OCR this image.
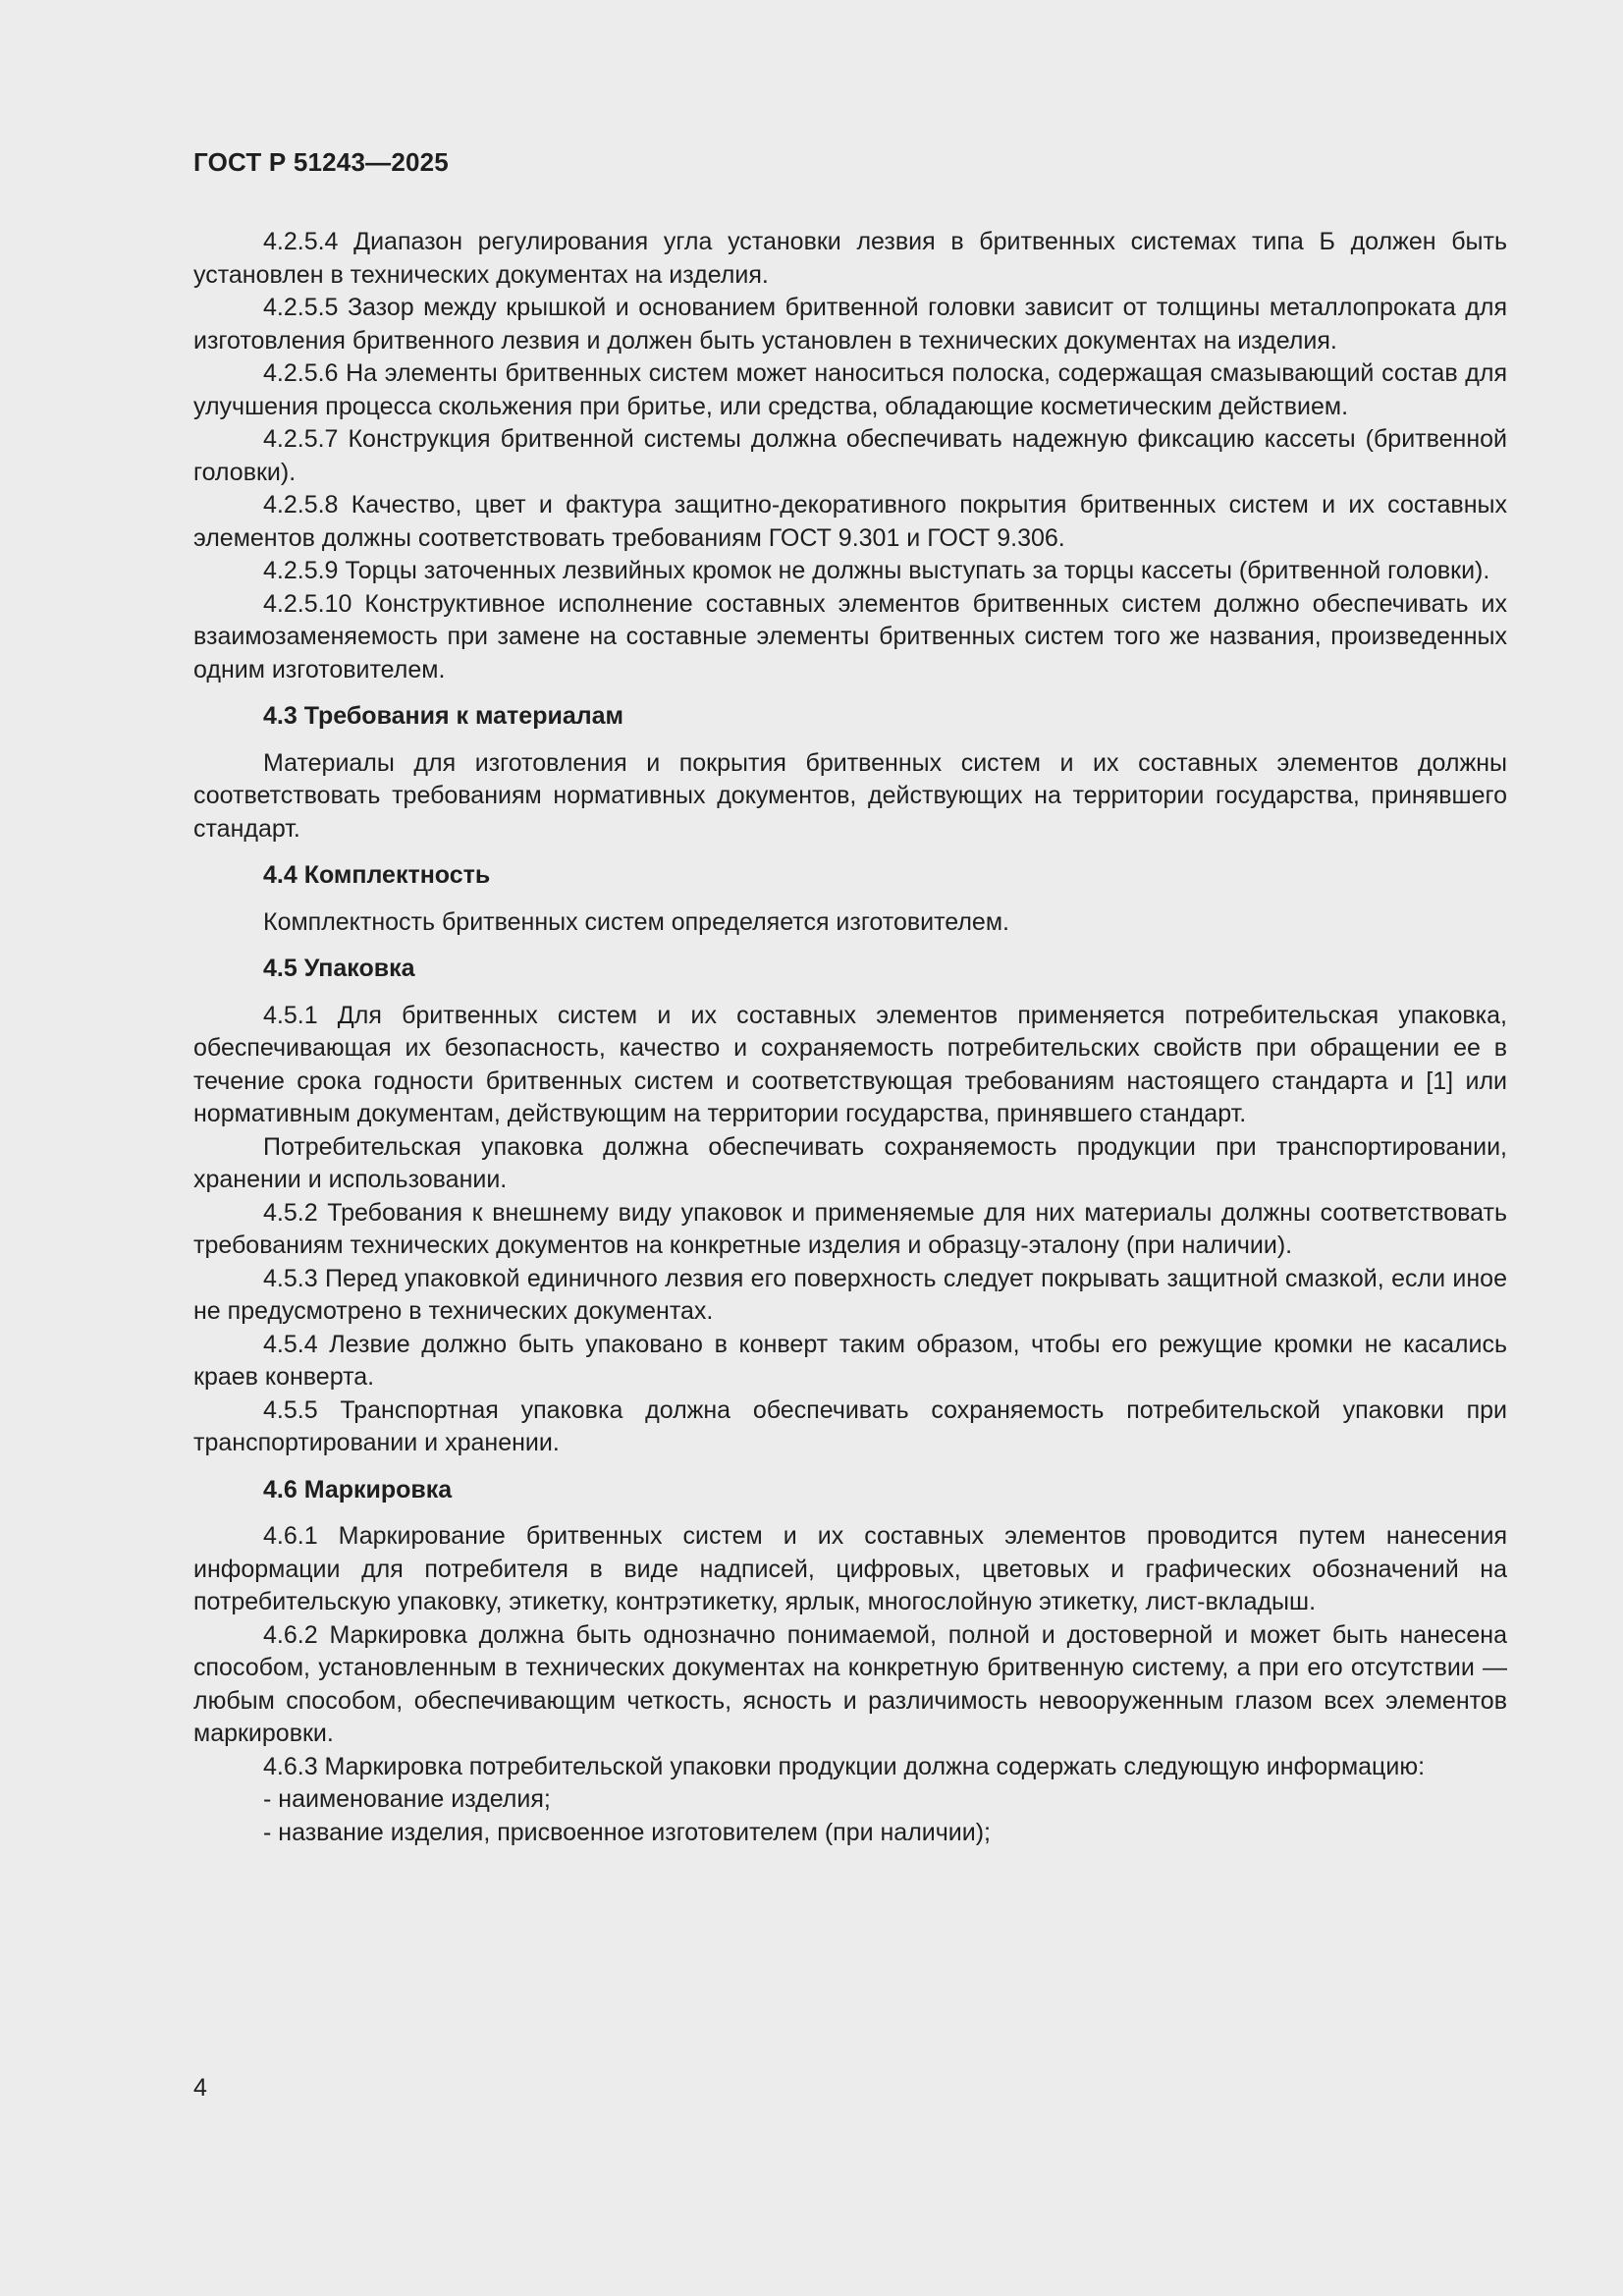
ГОСТ Р 51243—2025

4.2.5.4 Диапазон регулирования угла установки лезвия в бритвенных системах типа Б должен быть установлен в технических документах на изделия.

4.2.5.5 Зазор между крышкой и основанием бритвенной головки зависит от толщины металлопроката для изготовления бритвенного лезвия и должен быть установлен в технических документах на изделия.

4.2.5.6 На элементы бритвенных систем может наноситься полоска, содержащая смазывающий состав для улучшения процесса скольжения при бритье, или средства, обладающие косметическим действием.

4.2.5.7 Конструкция бритвенной системы должна обеспечивать надежную фиксацию кассеты (бритвенной головки).

4.2.5.8 Качество, цвет и фактура защитно-декоративного покрытия бритвенных систем и их составных элементов должны соответствовать требованиям ГОСТ 9.301 и ГОСТ 9.306.

4.2.5.9 Торцы заточенных лезвийных кромок не должны выступать за торцы кассеты (бритвенной головки).

4.2.5.10 Конструктивное исполнение составных элементов бритвенных систем должно обеспечивать их взаимозаменяемость при замене на составные элементы бритвенных систем того же названия, произведенных одним изготовителем.

4.3 Требования к материалам

Материалы для изготовления и покрытия бритвенных систем и их составных элементов должны соответствовать требованиям нормативных документов, действующих на территории государства, принявшего стандарт.

4.4 Комплектность

Комплектность бритвенных систем определяется изготовителем.

4.5 Упаковка

4.5.1 Для бритвенных систем и их составных элементов применяется потребительская упаковка, обеспечивающая их безопасность, качество и сохраняемость потребительских свойств при обращении ее в течение срока годности бритвенных систем и соответствующая требованиям настоящего стандарта и [1] или нормативным документам, действующим на территории государства, принявшего стандарт.

Потребительская упаковка должна обеспечивать сохраняемость продукции при транспортировании, хранении и использовании.

4.5.2 Требования к внешнему виду упаковок и применяемые для них материалы должны соответствовать требованиям технических документов на конкретные изделия и образцу-эталону (при наличии).

4.5.3 Перед упаковкой единичного лезвия его поверхность следует покрывать защитной смазкой, если иное не предусмотрено в технических документах.

4.5.4 Лезвие должно быть упаковано в конверт таким образом, чтобы его режущие кромки не касались краев конверта.

4.5.5 Транспортная упаковка должна обеспечивать сохраняемость потребительской упаковки при транспортировании и хранении.

4.6 Маркировка

4.6.1 Маркирование бритвенных систем и их составных элементов проводится путем нанесения информации для потребителя в виде надписей, цифровых, цветовых и графических обозначений на потребительскую упаковку, этикетку, контрэтикетку, ярлык, многослойную этикетку, лист-вкладыш.

4.6.2 Маркировка должна быть однозначно понимаемой, полной и достоверной и может быть нанесена способом, установленным в технических документах на конкретную бритвенную систему, а при его отсутствии — любым способом, обеспечивающим четкость, ясность и различимость невооруженным глазом всех элементов маркировки.

4.6.3 Маркировка потребительской упаковки продукции должна содержать следующую информацию:

- наименование изделия;

- название изделия, присвоенное изготовителем (при наличии);

4
